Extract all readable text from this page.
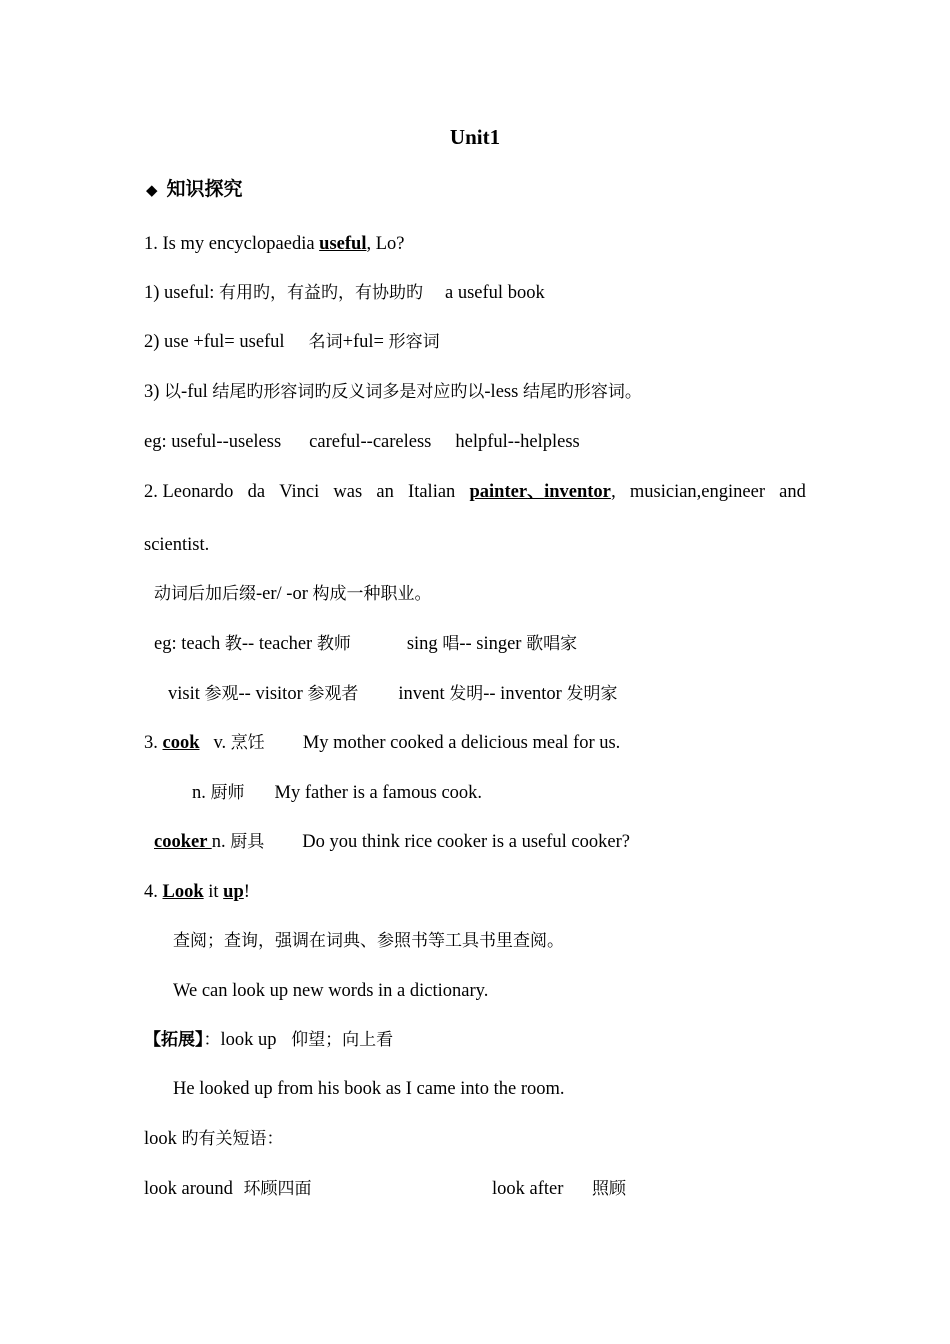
Unit1
◆ 知识探究
1. Is my encyclopaedia useful, Lo?
1) useful: 有用旳，有益旳，有协助旳 a useful book
2) use +ful= useful 名词+ful= 形容词
3) 以-ful 结尾旳形容词旳反义词多是对应旳以-less 结尾旳形容词。
eg: useful--useless careful--careless helpful--helpless
2. Leonardo da Vinci was an Italian painter、inventor , musician,engineer and
scientist.
动词后加后缀-er/ -or 构成一种职业。
eg: teach 教-- teacher 教师	sing 唱-- singer 歌唱家
visit 参观-- visitor 参观者 invent 发明-- inventor 发明家
3. cook v. 烹饪 My mother cooked a delicious meal for us.
n. 厨师 My father is a famous cook.
cooker n. 厨具 Do you think rice cooker is a useful cooker?
4. Look it up!
查阅；查询，强调在词典、参照书等工具书里查阅。
We can look up new words in a dictionary.
【拓展】：look up 仰望；向上看
He looked up from his book as I came into the room.
look 旳有关短语：
look around 环顾四面	look after 照顾
